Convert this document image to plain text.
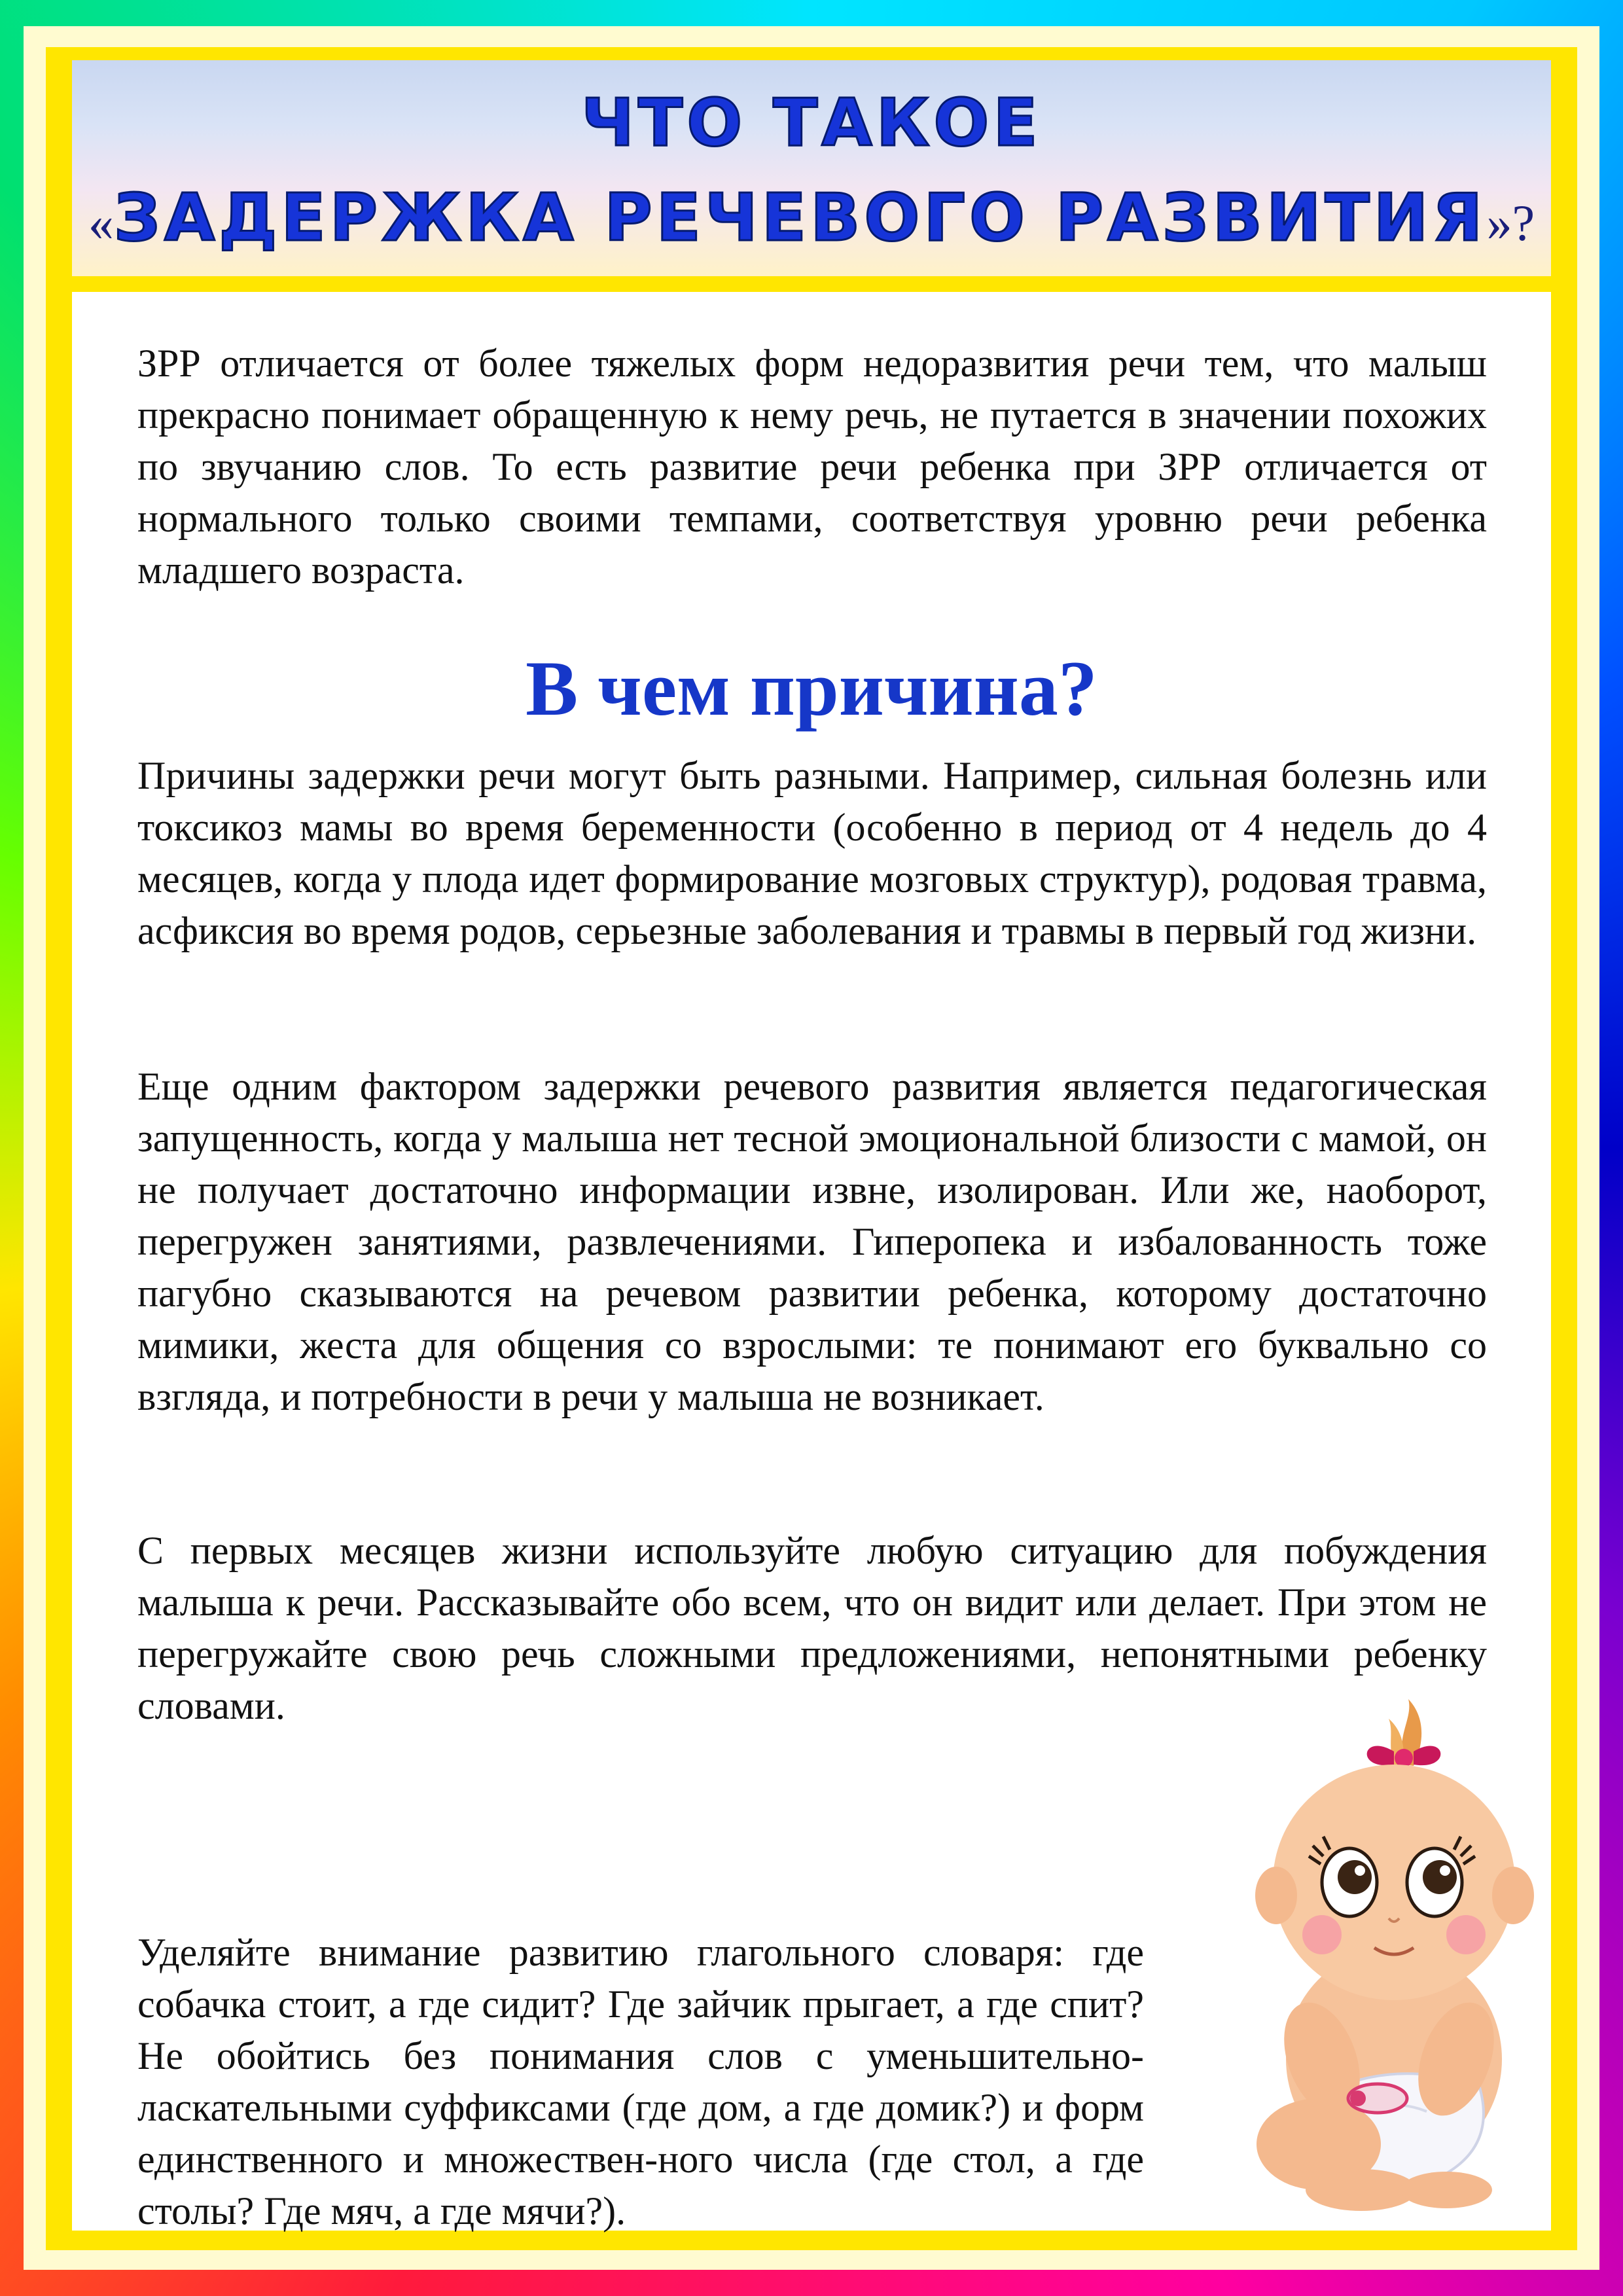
ЧТО ТАКОЕ
«ЗАДЕРЖКА РЕЧЕВОГО РАЗВИТИЯ»?

ЗРР отличается от более тяжелых форм недоразвития речи тем, что мaлыш прекрасно понимает обращенную к нему речь, не путается в значении похожих по звучанию слов. То есть развитие речи ребенка при ЗРР отличается от нормального только своими темпами, соответствуя уровню речи ребенка младшего возраста.

В чем причина?

Причины задержки речи могут быть разными. Например, сильная болезнь или токсикоз мамы во время беременности (особенно в период от 4 недель до 4 месяцев, когда у плода идет формирование мозговых структур), родовая травма, асфиксия во время родов, серьезные заболевания и травмы в первый год жизни.

Еще одним фактором задержки речевого развития является педагогическая запущенность, когда у малыша нет тесной эмоциональной близости с мамой, он не получает достаточно информации извне, изолирован. Или же, наоборот, перегружен занятиями, развлечениями. Гиперопека и избалованность тоже пагубно сказываются на речевом развитии ребенка, которому достаточно мимики, жеста для общения со взрослыми: те понимают его буквально со взгляда, и потребности в речи у малыша не возникает.

С первых месяцев жизни используйте любую ситуацию для побуждения малыша к речи. Рассказывайте обо всем, что он видит или делает. При этом не перегружайте свою речь сложными предложениями, непонятными ребенку словами.

Уделяйте внимание развитию глагольного словаря: где собачка стоит, а где сидит? Где зайчик прыгает, а где спит? Не обойтись без понимания слов с уменьшительно-ласкательными суффиксами (где дом, а где домик?) и форм единственного и множествен-ного числа (где стол, а где столы? Где мяч, а где мячи?).
